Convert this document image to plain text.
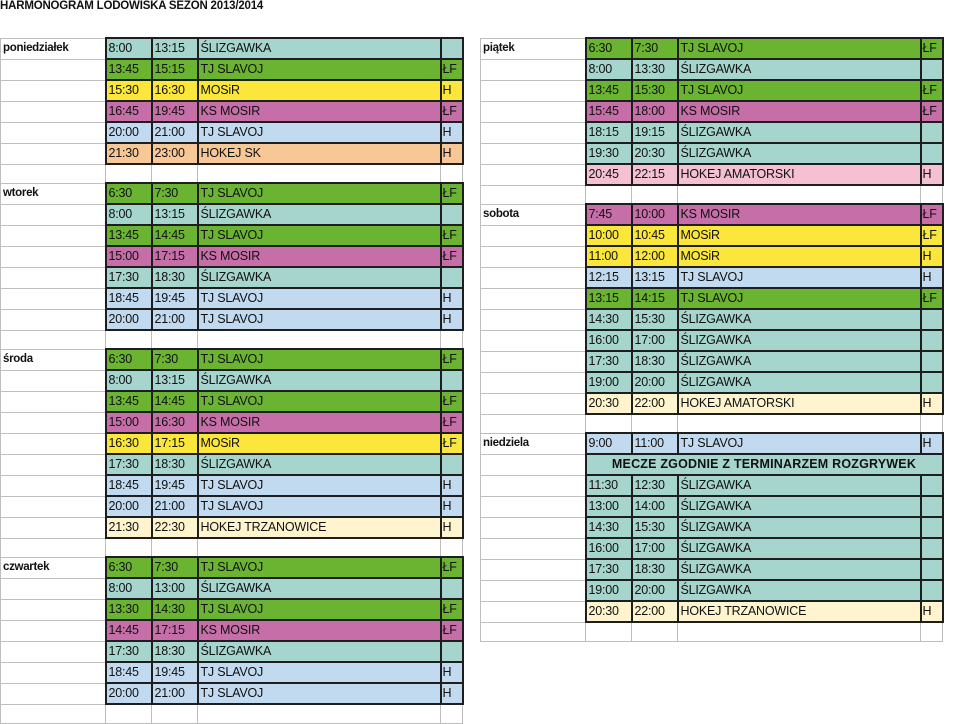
HARMONOGRAM LODOWISKA SEZON 2013/2014
poniedziałek	8:00	13:15	ŚLIZGAWKA	
	13:45	15:15	TJ SLAVOJ	ŁF
	15:30	16:30	MOSiR	H
	16:45	19:45	KS MOSIR	ŁF
	20:00	21:00	TJ SLAVOJ	H
	21:30	23:00	HOKEJ SK	H

wtorek	6:30	7:30	TJ SLAVOJ	ŁF
	8:00	13:15	ŚLIZGAWKA	
	13:45	14:45	TJ SLAVOJ	ŁF
	15:00	17:15	KS MOSIR	ŁF
	17:30	18:30	ŚLIZGAWKA	
	18:45	19:45	TJ SLAVOJ	H
	20:00	21:00	TJ SLAVOJ	H

środa	6:30	7:30	TJ SLAVOJ	ŁF
	8:00	13:15	ŚLIZGAWKA	
	13:45	14:45	TJ SLAVOJ	ŁF
	15:00	16:30	KS MOSIR	ŁF
	16:30	17:15	MOSiR	ŁF
	17:30	18:30	ŚLIZGAWKA	
	18:45	19:45	TJ SLAVOJ	H
	20:00	21:00	TJ SLAVOJ	H
	21:30	22:30	HOKEJ TRZANOWICE	H

czwartek	6:30	7:30	TJ SLAVOJ	ŁF
	8:00	13:00	ŚLIZGAWKA	
	13:30	14:30	TJ SLAVOJ	ŁF
	14:45	17:15	KS MOSIR	ŁF
	17:30	18:30	ŚLIZGAWKA	
	18:45	19:45	TJ SLAVOJ	H
	20:00	21:00	TJ SLAVOJ	H

piątek	6:30	7:30	TJ SLAVOJ	ŁF
	8:00	13:30	ŚLIZGAWKA	
	13:45	15:30	TJ SLAVOJ	ŁF
	15:45	18:00	KS MOSIR	ŁF
	18:15	19:15	ŚLIZGAWKA	
	19:30	20:30	ŚLIZGAWKA	
	20:45	22:15	HOKEJ AMATORSKI	H

sobota	7:45	10:00	KS MOSIR	ŁF
	10:00	10:45	MOSiR	ŁF
	11:00	12:00	MOSiR	H
	12:15	13:15	TJ SLAVOJ	H
	13:15	14:15	TJ SLAVOJ	ŁF
	14:30	15:30	ŚLIZGAWKA	
	16:00	17:00	ŚLIZGAWKA	
	17:30	18:30	ŚLIZGAWKA	
	19:00	20:00	ŚLIZGAWKA	
	20:30	22:00	HOKEJ AMATORSKI	H

niedziela	9:00	11:00	TJ SLAVOJ	H
	MECZE ZGODNIE Z TERMINARZEM ROZGRYWEK			
	11:30	12:30	ŚLIZGAWKA	
	13:00	14:00	ŚLIZGAWKA	
	14:30	15:30	ŚLIZGAWKA	
	16:00	17:00	ŚLIZGAWKA	
	17:30	18:30	ŚLIZGAWKA	
	19:00	20:00	ŚLIZGAWKA	
	20:30	22:00	HOKEJ TRZANOWICE	H
